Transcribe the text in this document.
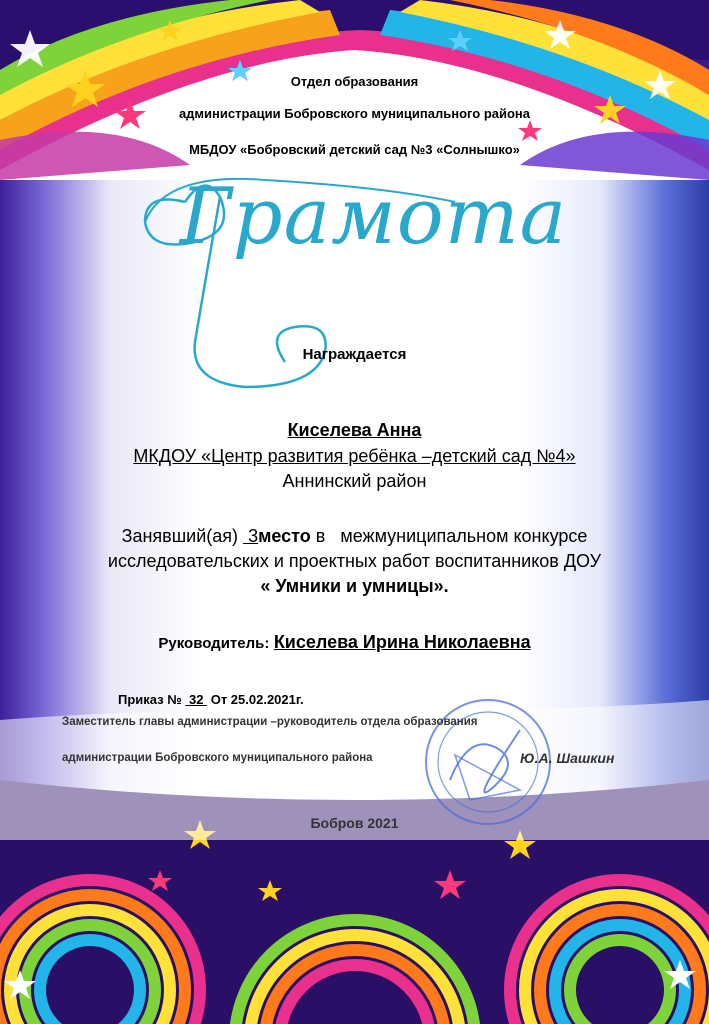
Отдел образования
администрации Бобровского муниципального района
МБДОУ «Бобровский детский сад №3 «Солнышко»
Грамота
Награждается
Киселева Анна
МКДОУ «Центр развития ребёнка –детский сад №4»
Аннинский район
Занявший(ая) 3место в   межмуниципальном конкурсе
исследовательских и проектных работ воспитанников ДОУ
« Умники и умницы».
Руководитель: Киселева Ирина Николаевна
Приказ № 32 От 25.02.2021г.
Заместитель главы администрации –руководитель отдела образования
администрации Бобровского муниципального района	Ю.А. Шашкин
Бобров 2021
